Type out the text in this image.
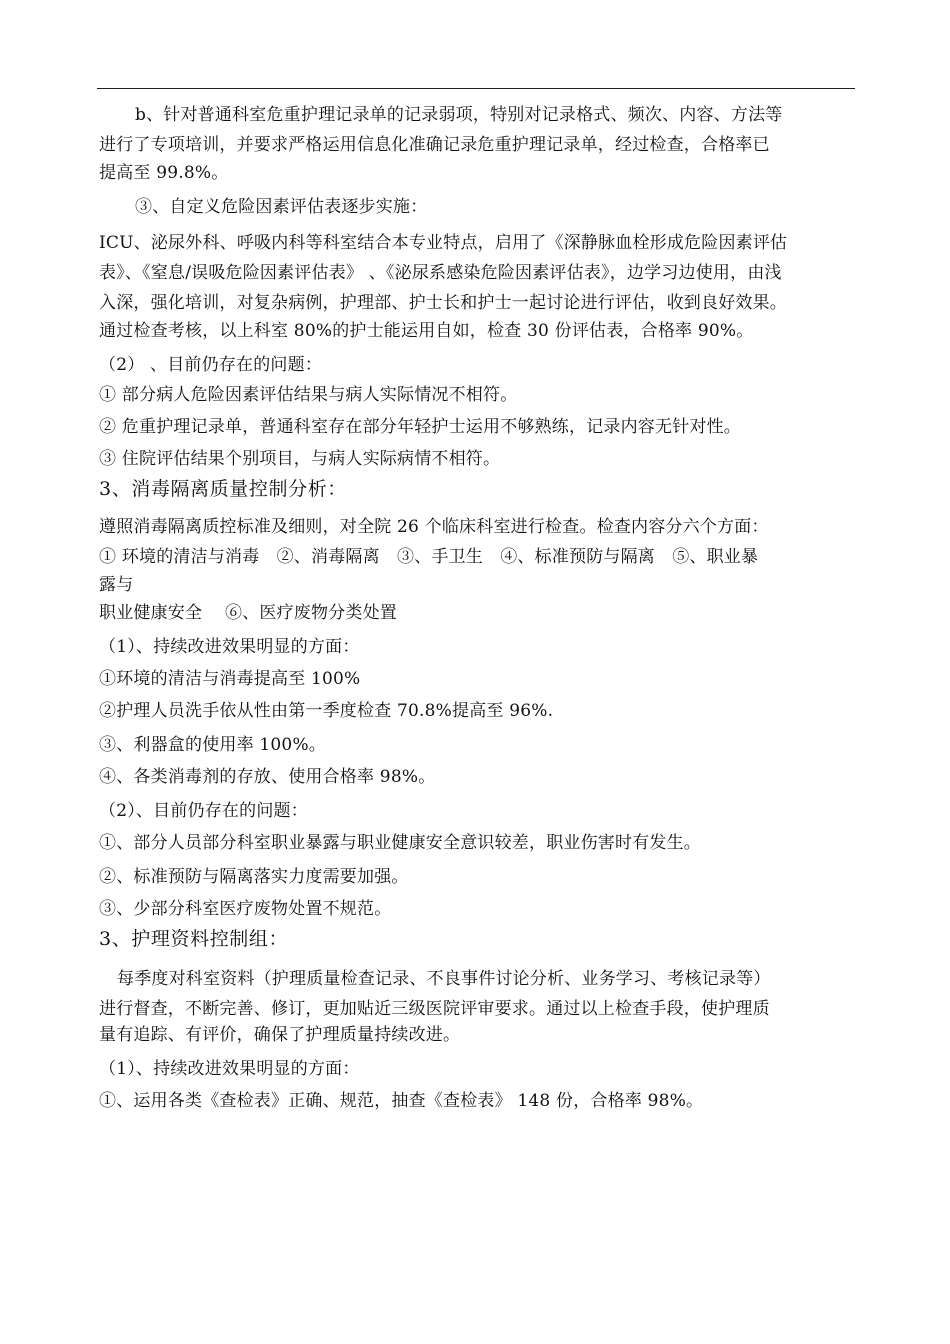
b、针对普通科室危重护理记录单的记录弱项，特别对记录格式、频次、内容、方法等
进行了专项培训，并要求严格运用信息化准确记录危重护理记录单，经过检查，合格率已
提高至 99.8%。
③、自定义危险因素评估表逐步实施：
ICU、泌尿外科、呼吸内科等科室结合本专业特点，启用了《深静脉血栓形成危险因素评估
表》、《窒息/误吸危险因素评估表》 、《泌尿系感染危险因素评估表》，边学习边使用，由浅
入深，强化培训，对复杂病例，护理部、护士长和护士一起讨论进行评估，收到良好效果。
通过检查考核，以上科室 80%的护士能运用自如，检查 30 份评估表，合格率 90%。
（2） 、目前仍存在的问题：
① 部分病人危险因素评估结果与病人实际情况不相符。
② 危重护理记录单，普通科室存在部分年轻护士运用不够熟练，记录内容无针对性。
③ 住院评估结果个别项目，与病人实际病情不相符。
3、消毒隔离质量控制分析：
遵照消毒隔离质控标准及细则，对全院 26 个临床科室进行检查。检查内容分六个方面：
① 环境的清洁与消毒　②、消毒隔离　③、手卫生　④、标准预防与隔离　⑤、职业暴
露与
职业健康安全　 ⑥、医疗废物分类处置
（1）、持续改进效果明显的方面：
①环境的清洁与消毒提高至 100%
②护理人员洗手依从性由第一季度检查 70.8%提高至 96%.
③、利器盒的使用率 100%。
④、各类消毒剂的存放、使用合格率 98%。
（2）、目前仍存在的问题：
①、部分人员部分科室职业暴露与职业健康安全意识较差，职业伤害时有发生。
②、标准预防与隔离落实力度需要加强。
③、少部分科室医疗废物处置不规范。
3、护理资料控制组：
每季度对科室资料（护理质量检查记录、不良事件讨论分析、业务学习、考核记录等）
进行督查，不断完善、修订，更加贴近三级医院评审要求。通过以上检查手段，使护理质
量有追踪、有评价，确保了护理质量持续改进。
（1）、持续改进效果明显的方面：
①、运用各类《查检表》正确、规范，抽查《查检表》 148 份，合格率 98%。
